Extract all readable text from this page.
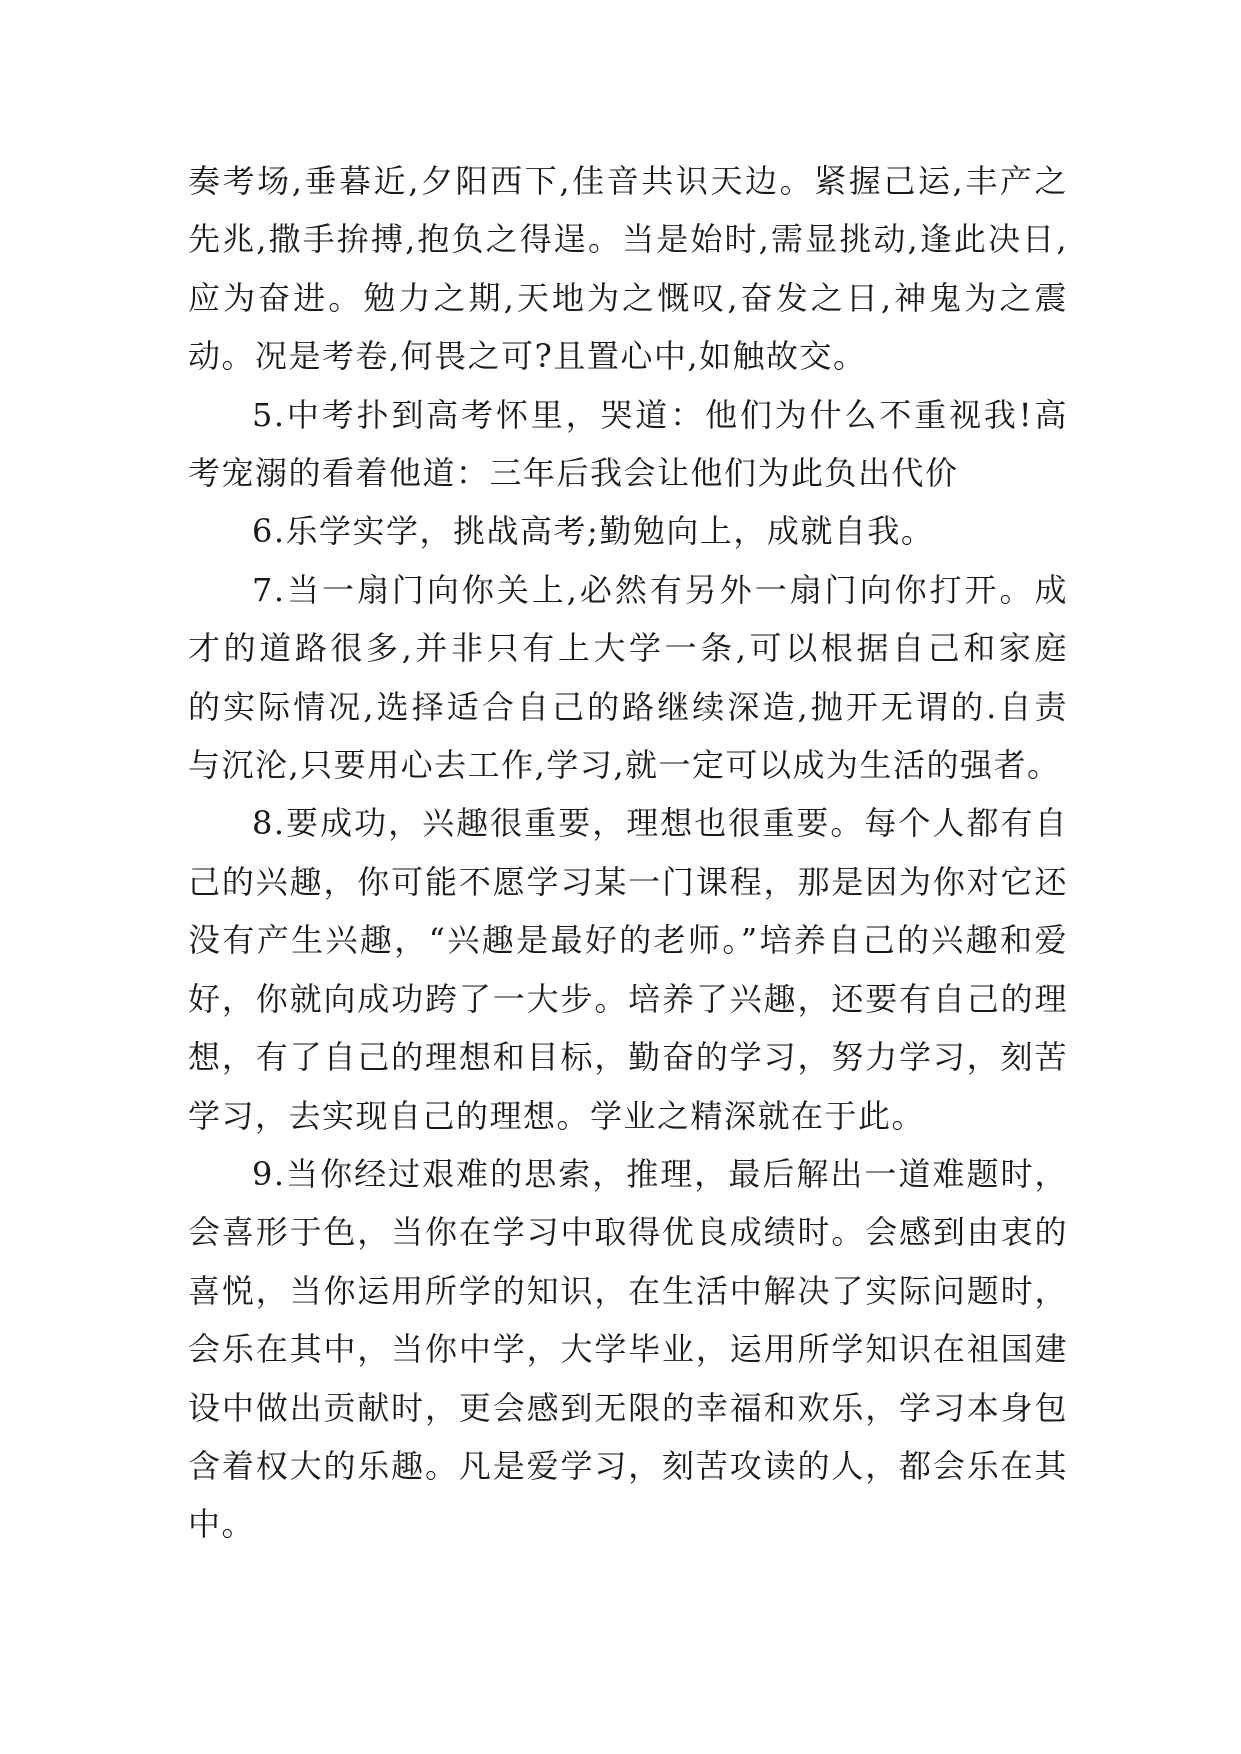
奏考场,垂暮近,夕阳西下,佳音共识天边。紧握己运,丰产之
先兆,撒手拚搏,抱负之得逞。当是始时,需显挑动,逢此决日,
应为奋进。勉力之期,天地为之慨叹,奋发之日,神鬼为之震
动。况是考卷,何畏之可?且置心中,如触故交。
5.中考扑到高考怀里，哭道：他们为什么不重视我!高
考宠溺的看着他道：三年后我会让他们为此负出代价
6.乐学实学，挑战高考;勤勉向上，成就自我。
7.当一扇门向你关上,必然有另外一扇门向你打开。成
才的道路很多,并非只有上大学一条,可以根据自己和家庭
的实际情况,选择适合自己的路继续深造,抛开无谓的.自责
与沉沦,只要用心去工作,学习,就一定可以成为生活的强者。
8.要成功，兴趣很重要，理想也很重要。每个人都有自
己的兴趣，你可能不愿学习某一门课程，那是因为你对它还
没有产生兴趣，“兴趣是最好的老师。”培养自己的兴趣和爱
好，你就向成功跨了一大步。培养了兴趣，还要有自己的理
想，有了自己的理想和目标，勤奋的学习，努力学习，刻苦
学习，去实现自己的理想。学业之精深就在于此。
9.当你经过艰难的思索，推理，最后解出一道难题时，
会喜形于色，当你在学习中取得优良成绩时。会感到由衷的
喜悦，当你运用所学的知识，在生活中解决了实际问题时，
会乐在其中，当你中学，大学毕业，运用所学知识在祖国建
设中做出贡献时，更会感到无限的幸福和欢乐，学习本身包
含着权大的乐趣。凡是爱学习，刻苦攻读的人，都会乐在其
中。
